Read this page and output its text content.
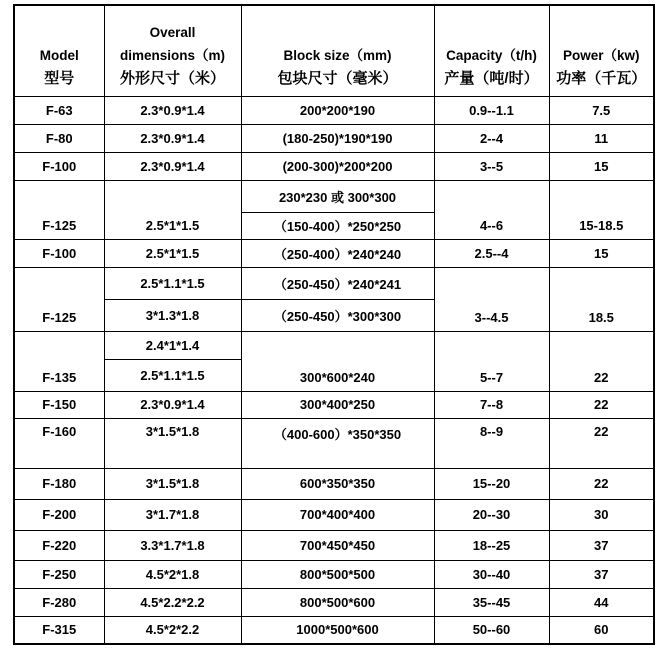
Model
型号

Overall
dimensions（m)
外形尺寸（米）

Block size（mm)
包块尺寸（毫米）

Capacity（t/h)
产量（吨/时）

Power（kw)
功率（千瓦）

F-63	2.3*0.9*1.4	200*200*190	0.9--1.1	7.5
F-80	2.3*0.9*1.4	(180-250)*190*190	2--4	11
F-100	2.3*0.9*1.4	(200-300)*200*200	3--5	15
F-125	2.5*1*1.5	230*230 或 300*300	4--6	15-18.5
		（150-400）*250*250		
F-100	2.5*1*1.5	（250-400）*240*240	2.5--4	15
F-125	2.5*1.1*1.5	（250-450）*240*241	3--4.5	18.5
	3*1.3*1.8	（250-450）*300*300		
F-135	2.4*1*1.4	300*600*240	5--7	22
	2.5*1.1*1.5			
F-150	2.3*0.9*1.4	300*400*250	7--8	22
F-160	3*1.5*1.8	（400-600）*350*350	8--9	22
F-180	3*1.5*1.8	600*350*350	15--20	22
F-200	3*1.7*1.8	700*400*400	20--30	30
F-220	3.3*1.7*1.8	700*450*450	18--25	37
F-250	4.5*2*1.8	800*500*500	30--40	37
F-280	4.5*2.2*2.2	800*500*600	35--45	44
F-315	4.5*2*2.2	1000*500*600	50--60	60
